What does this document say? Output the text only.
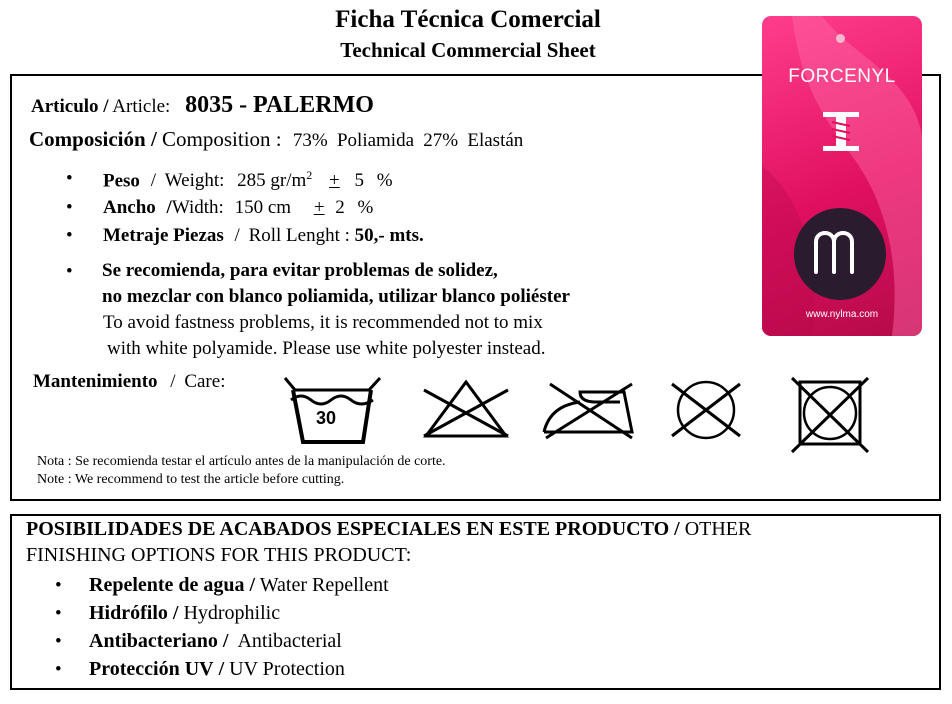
Ficha Técnica Comercial
Technical Commercial Sheet
FORCENYL
www.nylma.com
Articulo / Article: 8035 - PALERMO
Composición / Composition : 73% Poliamida 27% Elastán
• Peso / Weight: 285 $gr/m^2 + 5$ %
• Ancho /Width: 150 cm + 2 %
• Metraje Piezas / Roll Lenght : 50,- mts.
• Se recomienda, para evitar problemas de solidez,
no mezclar con blanco poliamida, utilizar blanco poliéster
To avoid fastness problems, it is recommended not to mix
with white polyamide. Please use white polyester instead.
Mantenimiento / Care:
30
Nota : Se recomienda testar el artículo antes de la manipulación de corte.
Note : We recommend to test the article before cutting.
POSIBILIDADES DE ACABADOS ESPECIALES EN ESTE PRODUCTO / OTHER
FINISHING OPTIONS FOR THIS PRODUCT:
• Repelente de agua / Water Repellent
• Hidrófilo / Hydrophilic
• Antibacteriano / Antibacterial
• Protección UV / UV Protection
